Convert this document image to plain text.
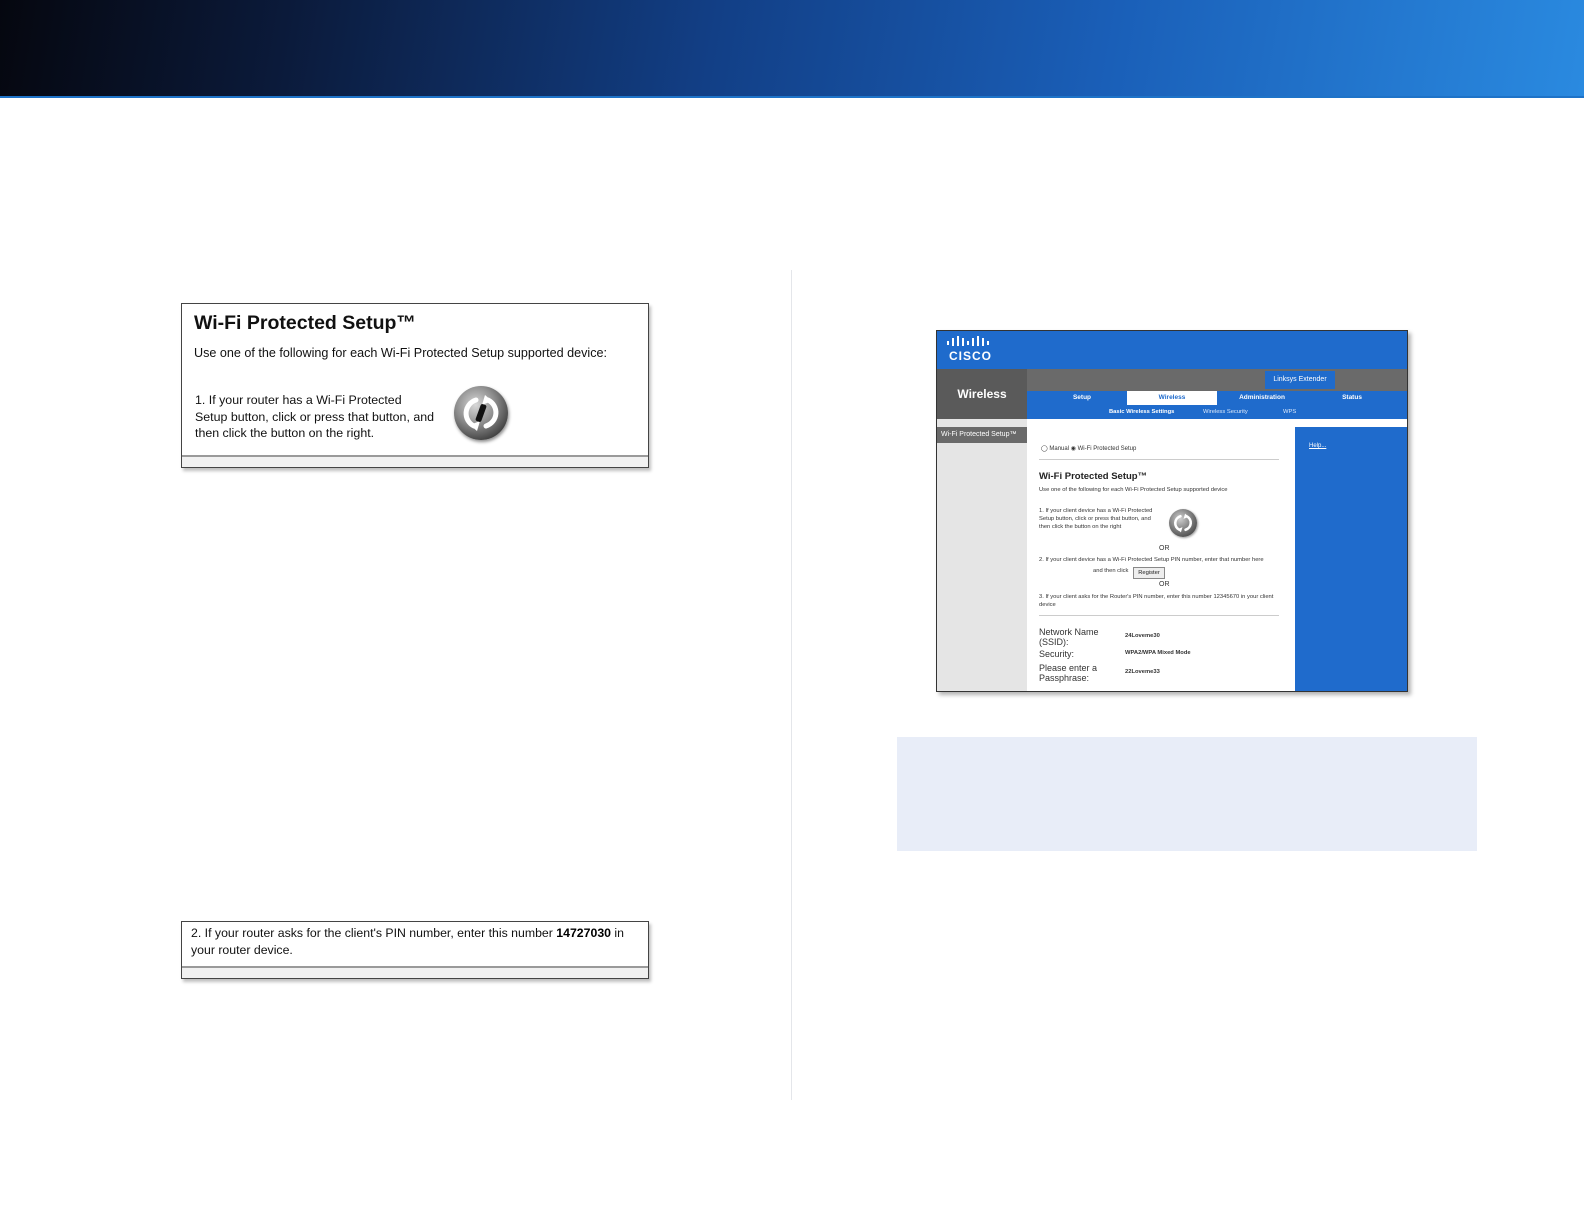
Wi-Fi Protected Setup™
Use one of the following for each Wi-Fi Protected Setup supported device:
1. If your router has a Wi-Fi Protected Setup button, click or press that button, and then click the button on the right.
2. If your router asks for the client's PIN number, enter this number 14727030 in your router device.
CISCO
Wireless
Wi-Fi Protected Setup™
Linksys Extender
Setup	Wireless	Administration	Status
Basic Wireless Settings	Wireless Security	WPS
◯ Manual ◉ Wi-Fi Protected Setup
Wi-Fi Protected Setup™
Use one of the following for each Wi-Fi Protected Setup supported device
1. If your client device has a Wi-Fi Protected Setup button, click or press that button, and then click the button on the right
OR
2. If your client device has a Wi-Fi Protected Setup PIN number, enter that number here
and then click	Register
OR
3. If your client asks for the Router's PIN number, enter this number 12345670 in your client device
Network Name (SSID):
24Loveme30
Security:	WPA2/WPA Mixed Mode
Please enter a Passphrase:
22Loveme33
Help...
